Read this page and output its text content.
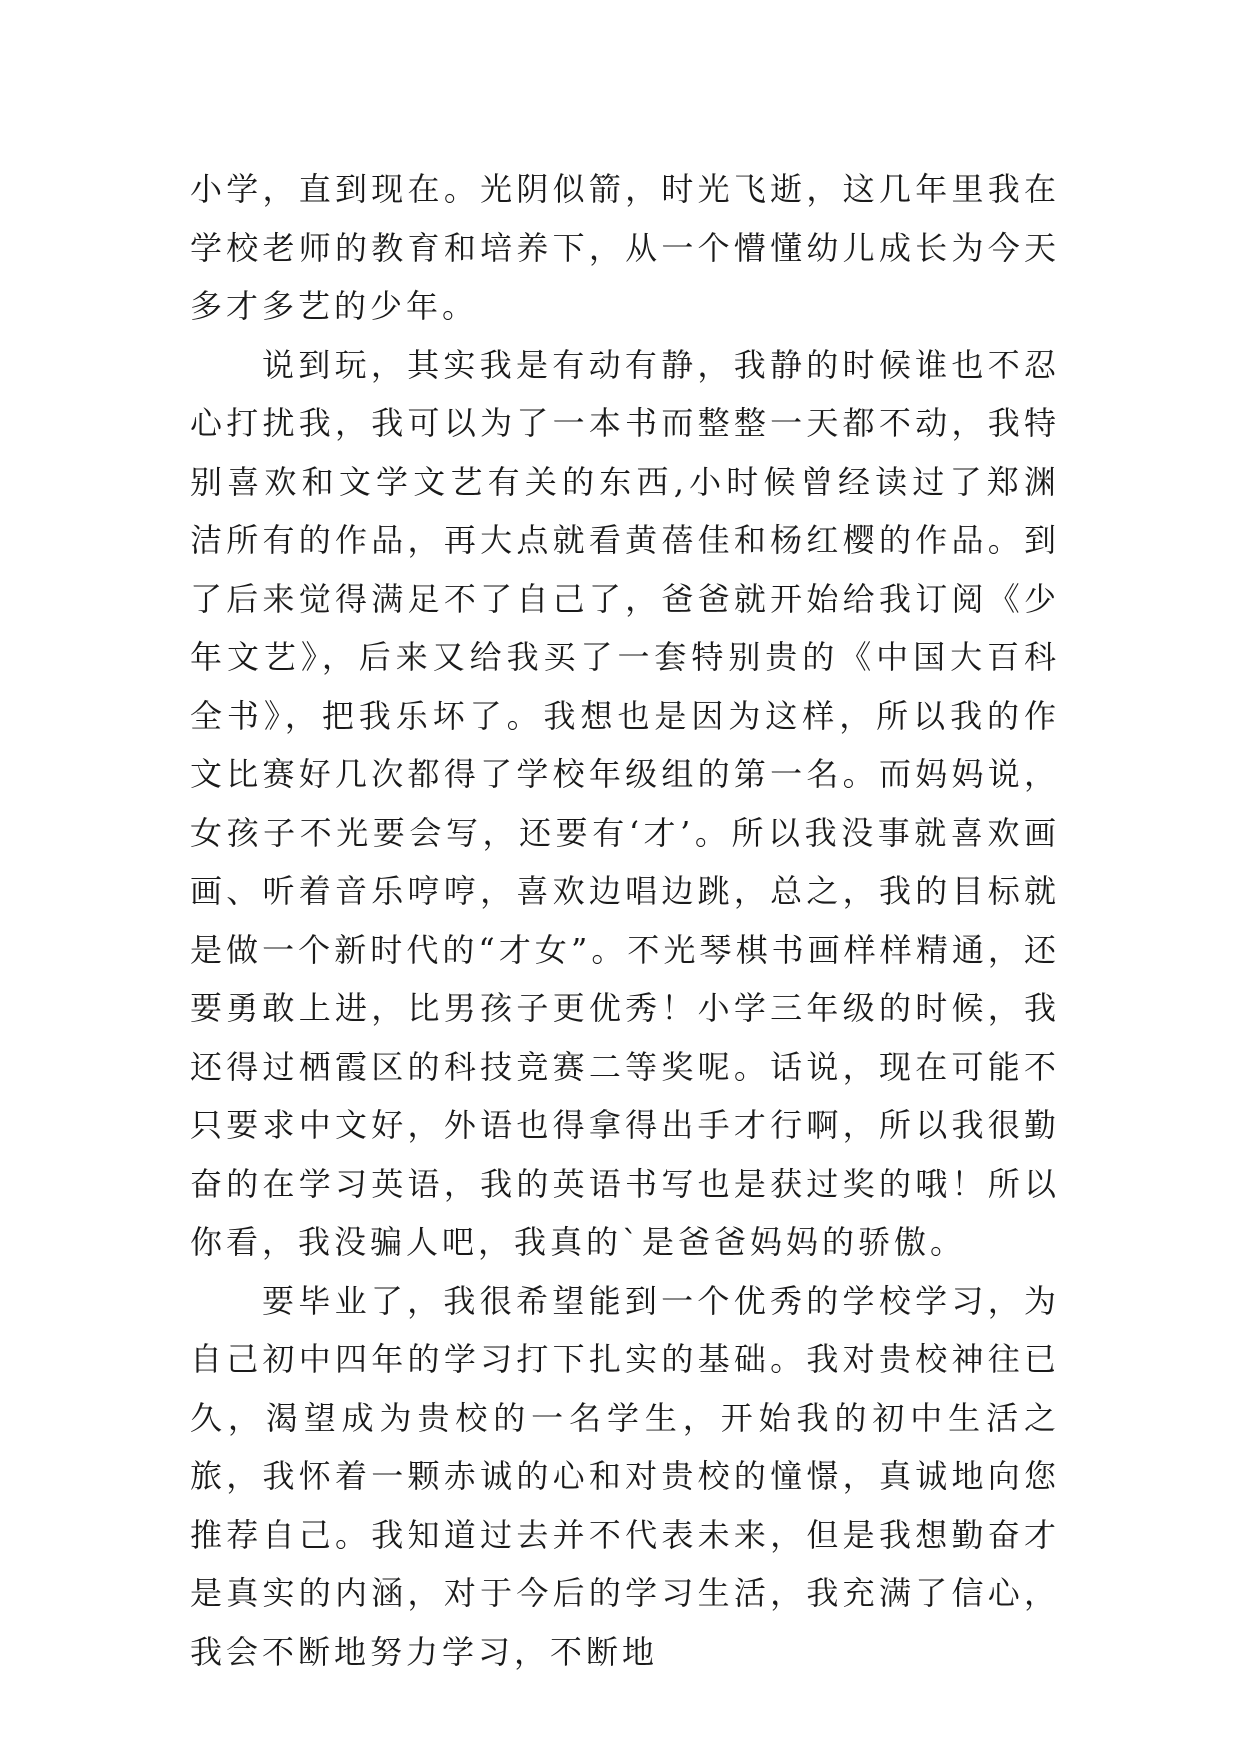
小学，直到现在。光阴似箭，时光飞逝，这几年里我在学校老师的教育和培养下，从一个懵懂幼儿成长为今天多才多艺的少年。

说到玩，其实我是有动有静，我静的时候谁也不忍心打扰我，我可以为了一本书而整整一天都不动，我特别喜欢和文学文艺有关的东西,小时候曾经读过了郑渊洁所有的作品，再大点就看黄蓓佳和杨红樱的作品。到了后来觉得满足不了自己了，爸爸就开始给我订阅《少年文艺》，后来又给我买了一套特别贵的《中国大百科全书》，把我乐坏了。我想也是因为这样，所以我的作文比赛好几次都得了学校年级组的第一名。而妈妈说，女孩子不光要会写，还要有‘才’。所以我没事就喜欢画画、听着音乐哼哼，喜欢边唱边跳，总之，我的目标就是做一个新时代的“才女”。不光琴棋书画样样精通，还要勇敢上进，比男孩子更优秀！小学三年级的时候，我还得过栖霞区的科技竞赛二等奖呢。话说，现在可能不只要求中文好，外语也得拿得出手才行啊，所以我很勤奋的在学习英语，我的英语书写也是获过奖的哦！所以你看，我没骗人吧，我真的`是爸爸妈妈的骄傲。

要毕业了，我很希望能到一个优秀的学校学习，为自己初中四年的学习打下扎实的基础。我对贵校神往已久，渴望成为贵校的一名学生，开始我的初中生活之旅，我怀着一颗赤诚的心和对贵校的憧憬，真诚地向您推荐自己。我知道过去并不代表未来，但是我想勤奋才是真实的内涵，对于今后的学习生活，我充满了信心，我会不断地努力学习，不断地
